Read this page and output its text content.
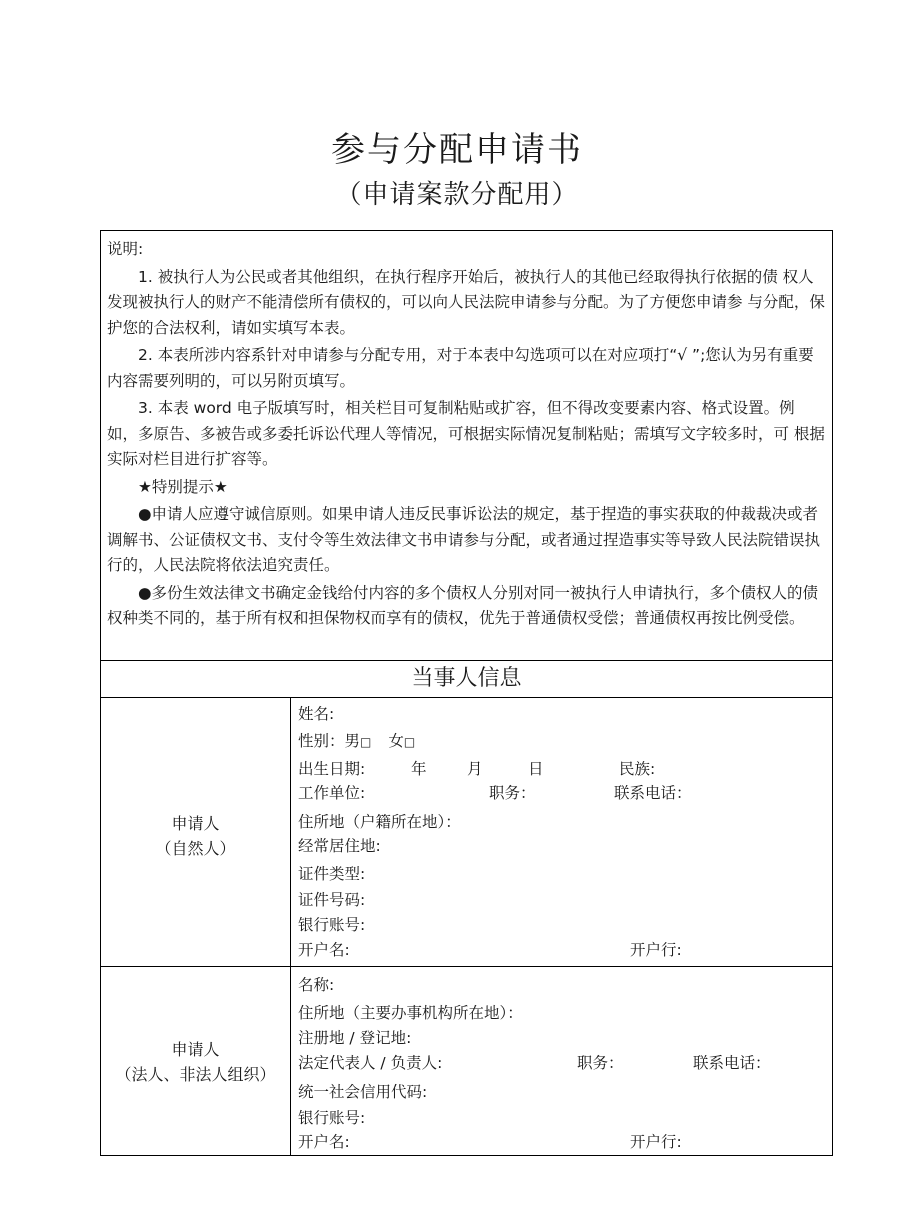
参与分配申请书
（申请案款分配用）

说明:

1. 被执行人为公民或者其他组织，在执行程序开始后，被执行人的其他已经取得执行依据的债 权人发现被执行人的财产不能清偿所有债权的，可以向人民法院申请参与分配。为了方便您申请参 与分配，保护您的合法权利，请如实填写本表。

2. 本表所涉内容系针对申请参与分配专用，对于本表中勾选项可以在对应项打“√ ”;您认为另有重要内容需要列明的，可以另附页填写。

3. 本表 word 电子版填写时，相关栏目可复制粘贴或扩容，但不得改变要素内容、格式设置。例 如，多原告、多被告或多委托诉讼代理人等情况，可根据实际情况复制粘贴；需填写文字较多时，可 根据实际对栏目进行扩容等。

★特别提示★

●申请人应遵守诚信原则。如果申请人违反民事诉讼法的规定，基于捏造的事实获取的仲裁裁决或者调解书、公证债权文书、支付令等生效法律文书申请参与分配，或者通过捏造事实等导致人民法院错误执行的，人民法院将依法追究责任。

●多份生效法律文书确定金钱给付内容的多个债权人分别对同一被执行人申请执行，多个债权人的债权种类不同的，基于所有权和担保物权而享有的债权，优先于普通债权受偿；普通债权再按比例受偿。

当事人信息
申请人
（自然人）
姓名:
性别：男□ 女□
出生日期:	年	月	日	民族:
工作单位:	职务：	联系电话：
住所地（户籍所在地）：
经常居住地:
证件类型:
证件号码:
银行账号:
开户名:	开户行:
申请人
（法人、非法人组织）
名称:
住所地（主要办事机构所在地）：
注册地 / 登记地:
法定代表人 / 负责人:	职务：	联系电话：
统一社会信用代码:
银行账号:
开户名:	开户行:
